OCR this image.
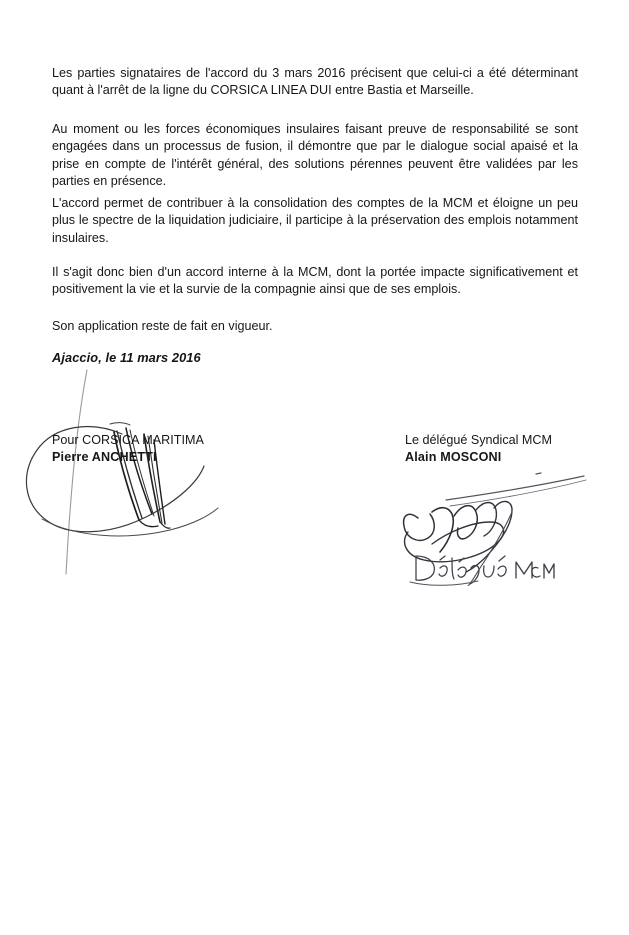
Les parties signataires de l'accord du 3 mars 2016 précisent que celui-ci a été déterminant quant à l'arrêt de la ligne du CORSICA LINEA DUI entre Bastia et Marseille.

Au moment ou les forces économiques insulaires faisant preuve de responsabilité se sont engagées dans un processus de fusion, il démontre que par le dialogue social apaisé et la prise en compte de l'intérêt général, des solutions pérennes peuvent être validées par les parties en présence.

L'accord permet de contribuer à la consolidation des comptes de la MCM et éloigne un peu plus le spectre de la liquidation judiciaire, il participe à la préservation des emplois notamment insulaires.

Il s'agit donc bien d'un accord interne à la MCM, dont la portée impacte significativement et positivement la vie et la survie de la compagnie ainsi que de ses emplois.

Son application reste de fait en vigueur.

Ajaccio, le 11 mars 2016
Pour CORSICA MARITIMA
Pierre ANCHETTI
Le délégué Syndical MCM
Alain MOSCONI
